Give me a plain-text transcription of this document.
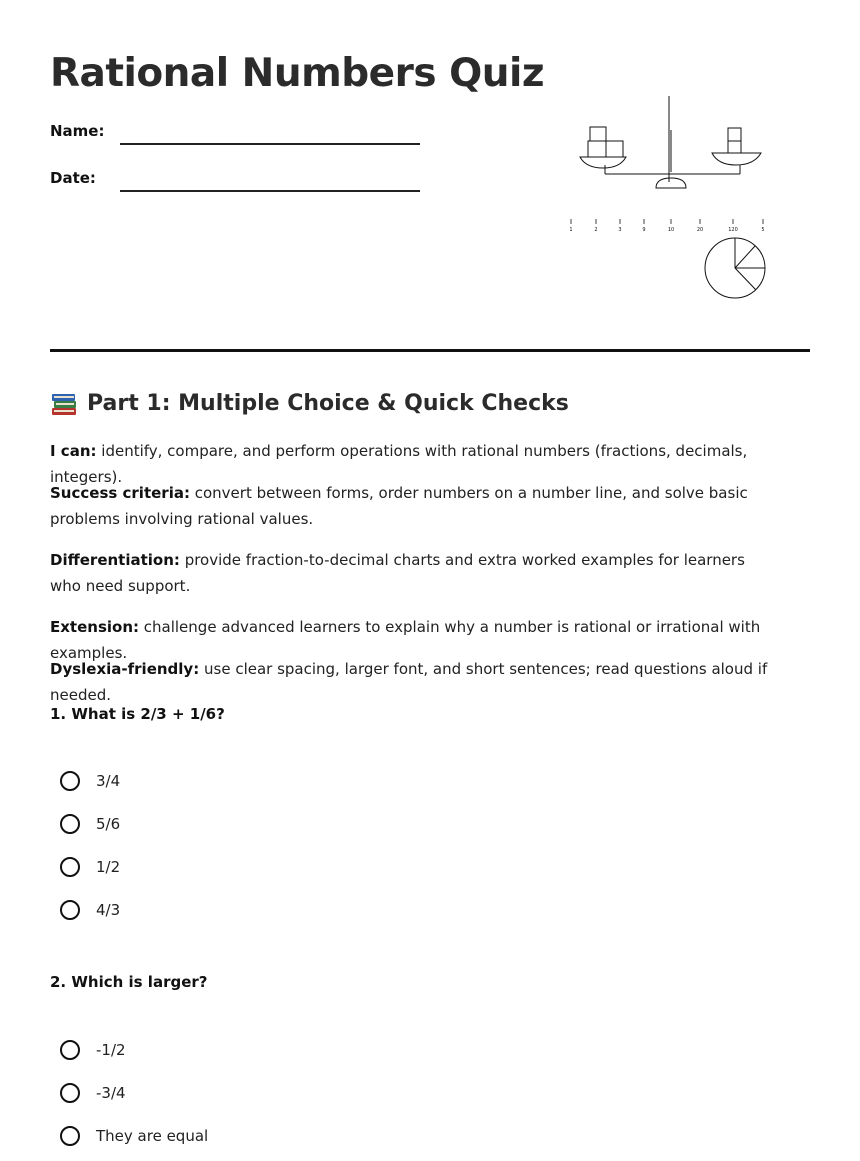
Rational Numbers Quiz

Name:

Date:

1	2	3	9	10	20	120	5
Part 1: Multiple Choice & Quick Checks

I can: identify, compare, and perform operations with rational numbers (fractions, decimals, integers).

Success criteria: convert between forms, order numbers on a number line, and solve basic problems involving rational values.

Differentiation: provide fraction-to-decimal charts and extra worked examples for learners who need support.

Extension: challenge advanced learners to explain why a number is rational or irrational with examples.

Dyslexia-friendly: use clear spacing, larger font, and short sentences; read questions aloud if needed.

1. What is 2/3 + 1/6?

3/4
5/6
1/2
4/3

2. Which is larger?

-1/2
-3/4
They are equal
